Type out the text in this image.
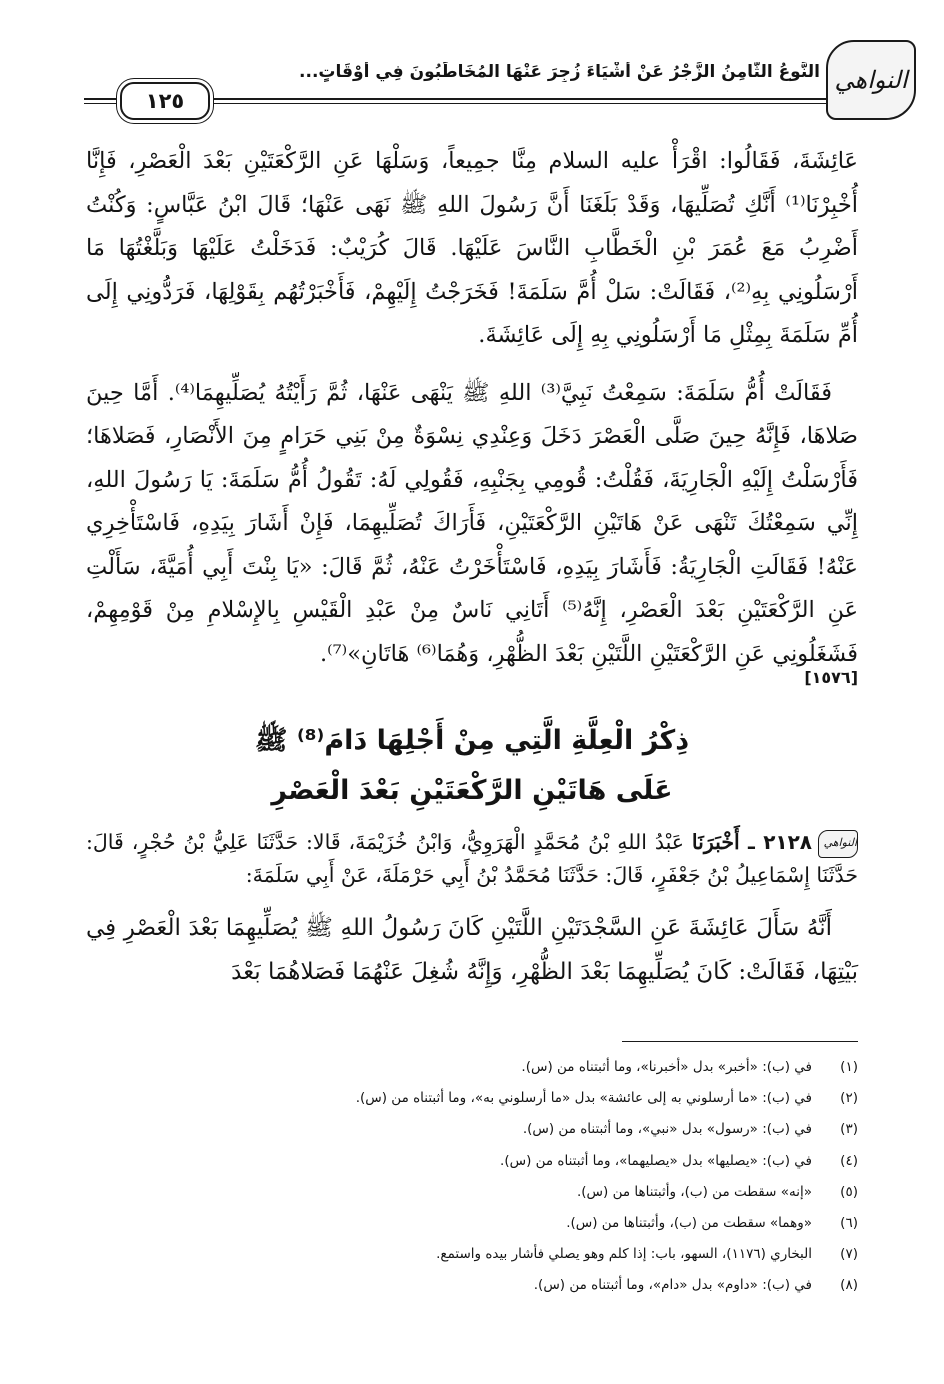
١٢٥
النَّوعُ الثَّامِنُ الزَّجْرُ عَنْ أَشْيَاءَ زُجِرَ عَنْهَا المُخَاطَبُونَ فِي أَوْقَاتٍ... النواهي

عَائِشَةَ، فَقَالُوا: اقْرَأْ عليه السلام مِنَّا جمِيعاً، وَسَلْهَا عَنِ الرَّكْعَتَيْنِ بَعْدَ الْعَصْرِ، فَإِنَّا أُخْبِرْنَا⁽¹⁾ أَنَّكِ تُصَلِّيهَا، وَقَدْ بَلَغَنَا أَنَّ رَسُولَ اللهِ ﷺ نَهَى عَنْهَا؛ قَالَ ابْنُ عَبَّاسٍ: وَكُنْتُ أَضْرِبُ مَعَ عُمَرَ بْنِ الْخَطَّابِ النَّاسَ عَلَيْهَا. قَالَ كُرَيْبٌ: فَدَخَلْتُ عَلَيْهَا وَبَلَّغْتُهَا مَا أَرْسَلُونِي بِهِ⁽²⁾، فَقَالَتْ: سَلْ أُمَّ سَلَمَةَ! فَخَرَجْتُ إِلَيْهِمْ، فَأَخْبَرْتُهُم بِقَوْلِهَا، فَرَدُّونِي إِلَى أُمِّ سَلَمَةَ بِمِثْلِ مَا أَرْسَلُونِي بِهِ إِلَى عَائِشَةَ.

فَقَالَتْ أُمُّ سَلَمَةَ: سَمِعْتُ نَبِيَّ⁽³⁾ اللهِ ﷺ يَنْهَى عَنْهَا، ثُمَّ رَأَيْتُهُ يُصَلِّيهِمَا⁽⁴⁾. أَمَّا حِينَ صَلاهَا، فَإِنَّهُ حِينَ صَلَّى الْعَصْرَ دَخَلَ وَعِنْدِي نِسْوَةٌ مِنْ بَنِي حَرَامٍ مِنَ الأَنْصَارِ، فَصَلاهَا؛ فَأَرْسَلْتُ إِلَيْهِ الْجَارِيَةَ، فَقُلْتُ: قُومِي بِجَنْبِهِ، فَقُولِي لَهُ: تَقُولُ أُمُّ سَلَمَةَ: يَا رَسُولَ اللهِ، إِنِّي سَمِعْتُكَ تَنْهَى عَنْ هَاتَيْنِ الرَّكْعَتَيْنِ، فَأَرَاكَ تُصَلِّيهِمَا، فَإِنْ أَشَارَ بِيَدِهِ، فَاسْتَأْخِرِي عَنْهُ! فَقَالَتِ الْجَارِيَةُ: فَأَشَارَ بِيَدِهِ، فَاسْتَأْخَرْتُ عَنْهُ، ثُمَّ قَالَ: «يَا بِنْتَ أَبِي أُمَيَّةَ، سَأَلْتِ عَنِ الرَّكْعَتَيْنِ بَعْدَ الْعَصْرِ، إِنَّهُ⁽⁵⁾ أَتَانِي نَاسٌ مِنْ عَبْدِ الْقَيْسِ بِالإِسْلامِ مِنْ قَوْمِهِمْ، فَشَغَلُونِي عَنِ الرَّكْعَتَيْنِ اللَّتَيْنِ بَعْدَ الظُّهْرِ، وَهُمَا⁽⁶⁾ هَاتَانِ»⁽⁷⁾.
[١٥٧٦]

ذِكْرُ الْعِلَّةِ الَّتِي مِنْ أَجْلِهَا دَامَ⁽⁸⁾ ﷺ
عَلَى هَاتَيْنِ الرَّكْعَتَيْنِ بَعْدَ الْعَصْرِ

النواهي٢١٢٨ ـ أَخْبَرَنَا عَبْدُ اللهِ بْنُ مُحَمَّدٍ الْهَرَوِيُّ، وَابْنُ خُزَيْمَةَ، قَالا: حَدَّثَنَا عَلِيُّ بْنُ حُجْرٍ، قَالَ: حَدَّثَنَا إِسْمَاعِيلُ بْنُ جَعْفَرٍ، قَالَ: حَدَّثَنَا مُحَمَّدُ بْنُ أَبِي حَرْمَلَةَ، عَنْ أَبِي سَلَمَةَ:

أَنَّهُ سَأَلَ عَائِشَةَ عَنِ السَّجْدَتَيْنِ اللَّتَيْنِ كَانَ رَسُولُ اللهِ ﷺ يُصَلِّيهِمَا بَعْدَ الْعَصْرِ فِي بَيْتِهَا، فَقَالَتْ: كَانَ يُصَلِّيهِمَا بَعْدَ الظُّهْرِ، وَإِنَّهُ شُغِلَ عَنْهُمَا فَصَلاهُمَا بَعْدَ

(١)
في (ب): «أخبر» بدل «أخبرنا»، وما أثبتناه من (س).
(٢)
في (ب): «ما أرسلوني به إلى عائشة» بدل «ما أرسلوني به»، وما أثبتناه من (س).
(٣)
في (ب): «رسول» بدل «نبي»، وما أثبتناه من (س).
(٤)
في (ب): «يصليها» بدل «يصليهما»، وما أثبتناه من (س).
(٥)
«إنه» سقطت من (ب)، وأثبتناها من (س).
(٦)
«وهما» سقطت من (ب)، وأثبتناها من (س).
(٧)
البخاري (١١٧٦)، السهو، باب: إذا كلم وهو يصلي فأشار بيده واستمع.
(٨)
في (ب): «داوم» بدل «دام»، وما أثبتناه من (س).
